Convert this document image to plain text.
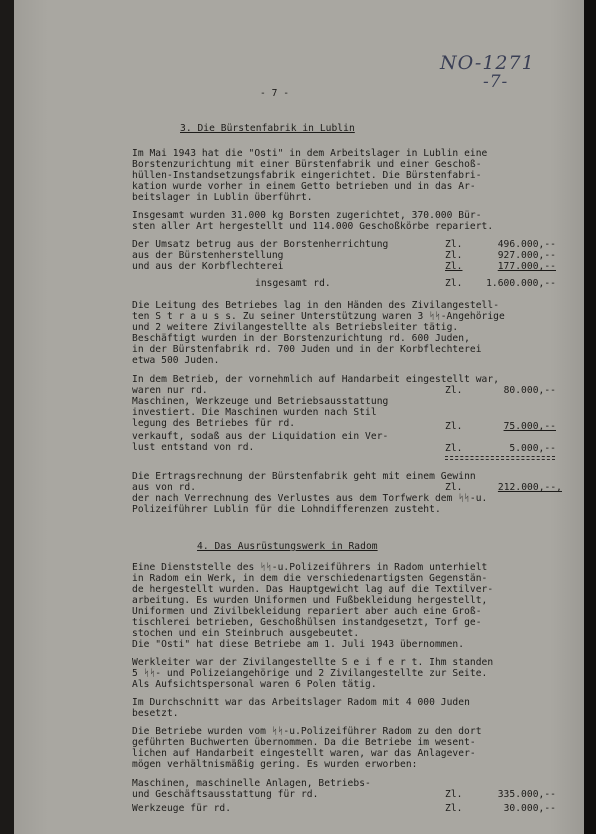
NO-1271
-7-
- 7 -
3. Die Bürstenfabrik in Lublin
Im Mai 1943 hat die "Osti" in dem Arbeitslager in Lublin eine
Borstenzurichtung mit einer Bürstenfabrik und einer Geschoß-
hüllen-Instandsetzungsfabrik eingerichtet. Die Bürstenfabri-
kation wurde vorher in einem Getto betrieben und in das Ar-
beitslager in Lublin überführt.
Insgesamt wurden 31.000 kg Borsten zugerichtet, 370.000 Bür-
sten aller Art hergestellt und 114.000 Geschoßkörbe repariert.
Der Umsatz betrug aus der Borstenherrichtung	Zl.	496.000,--
aus der Bürstenherstellung	Zl.	927.000,--
und aus der Korbflechterei	Zl.	177.000,--
insgesamt rd.	Zl.	1.600.000,--
Die Leitung des Betriebes lag in den Händen des Zivilangestell-
ten S t r a u s s. Zu seiner Unterstützung waren 3 ᛋᛋ-Angehörige
und 2 weitere Zivilangestellte als Betriebsleiter tätig.
Beschäftigt wurden in der Borstenzurichtung rd. 600 Juden,
in der Bürstenfabrik rd. 700 Juden und in der Korbflechterei
etwa 500 Juden.
In dem Betrieb, der vornehmlich auf Handarbeit eingestellt war,
waren nur rd.	Zl.	80.000,--
Maschinen, Werkzeuge und Betriebsausstattung
investiert. Die Maschinen wurden nach Stil
legung des Betriebes für rd.	Zl.	75.000,--
verkauft, sodaß aus der Liquidation ein Ver-
lust entstand von rd.	Zl.	5.000,--
Die Ertragsrechnung der Bürstenfabrik geht mit einem Gewinn
aus von rd.	Zl.	212.000,--,
der nach Verrechnung des Verlustes aus dem Torfwerk dem ᛋᛋ-u.
Polizeiführer Lublin für die Lohndifferenzen zusteht.
4. Das Ausrüstungswerk in Radom
Eine Dienststelle des ᛋᛋ-u.Polizeiführers in Radom unterhielt
in Radom ein Werk, in dem die verschiedenartigsten Gegenstän-
de hergestellt wurden. Das Hauptgewicht lag auf die Textilver-
arbeitung. Es wurden Uniformen und Fußbekleidung hergestellt,
Uniformen und Zivilbekleidung repariert aber auch eine Groß-
tischlerei betrieben, Geschoßhülsen instandgesetzt, Torf ge-
stochen und ein Steinbruch ausgebeutet.
Die "Osti" hat diese Betriebe am 1. Juli 1943 übernommen.
Werkleiter war der Zivilangestellte S e i f e r t. Ihm standen
5 ᛋᛋ- und Polizeiangehörige und 2 Zivilangestellte zur Seite.
Als Aufsichtspersonal waren 6 Polen tätig.
Im Durchschnitt war das Arbeitslager Radom mit 4 000 Juden
besetzt.
Die Betriebe wurden vom ᛋᛋ-u.Polizeiführer Radom zu den dort
geführten Buchwerten übernommen. Da die Betriebe im wesent-
lichen auf Handarbeit eingestellt waren, war das Anlagever-
mögen verhältnismäßig gering. Es wurden erworben:
Maschinen, maschinelle Anlagen, Betriebs-
und Geschäftsausstattung für rd.	Zl.	335.000,--
Werkzeuge für rd.	Zl.	30.000,--
